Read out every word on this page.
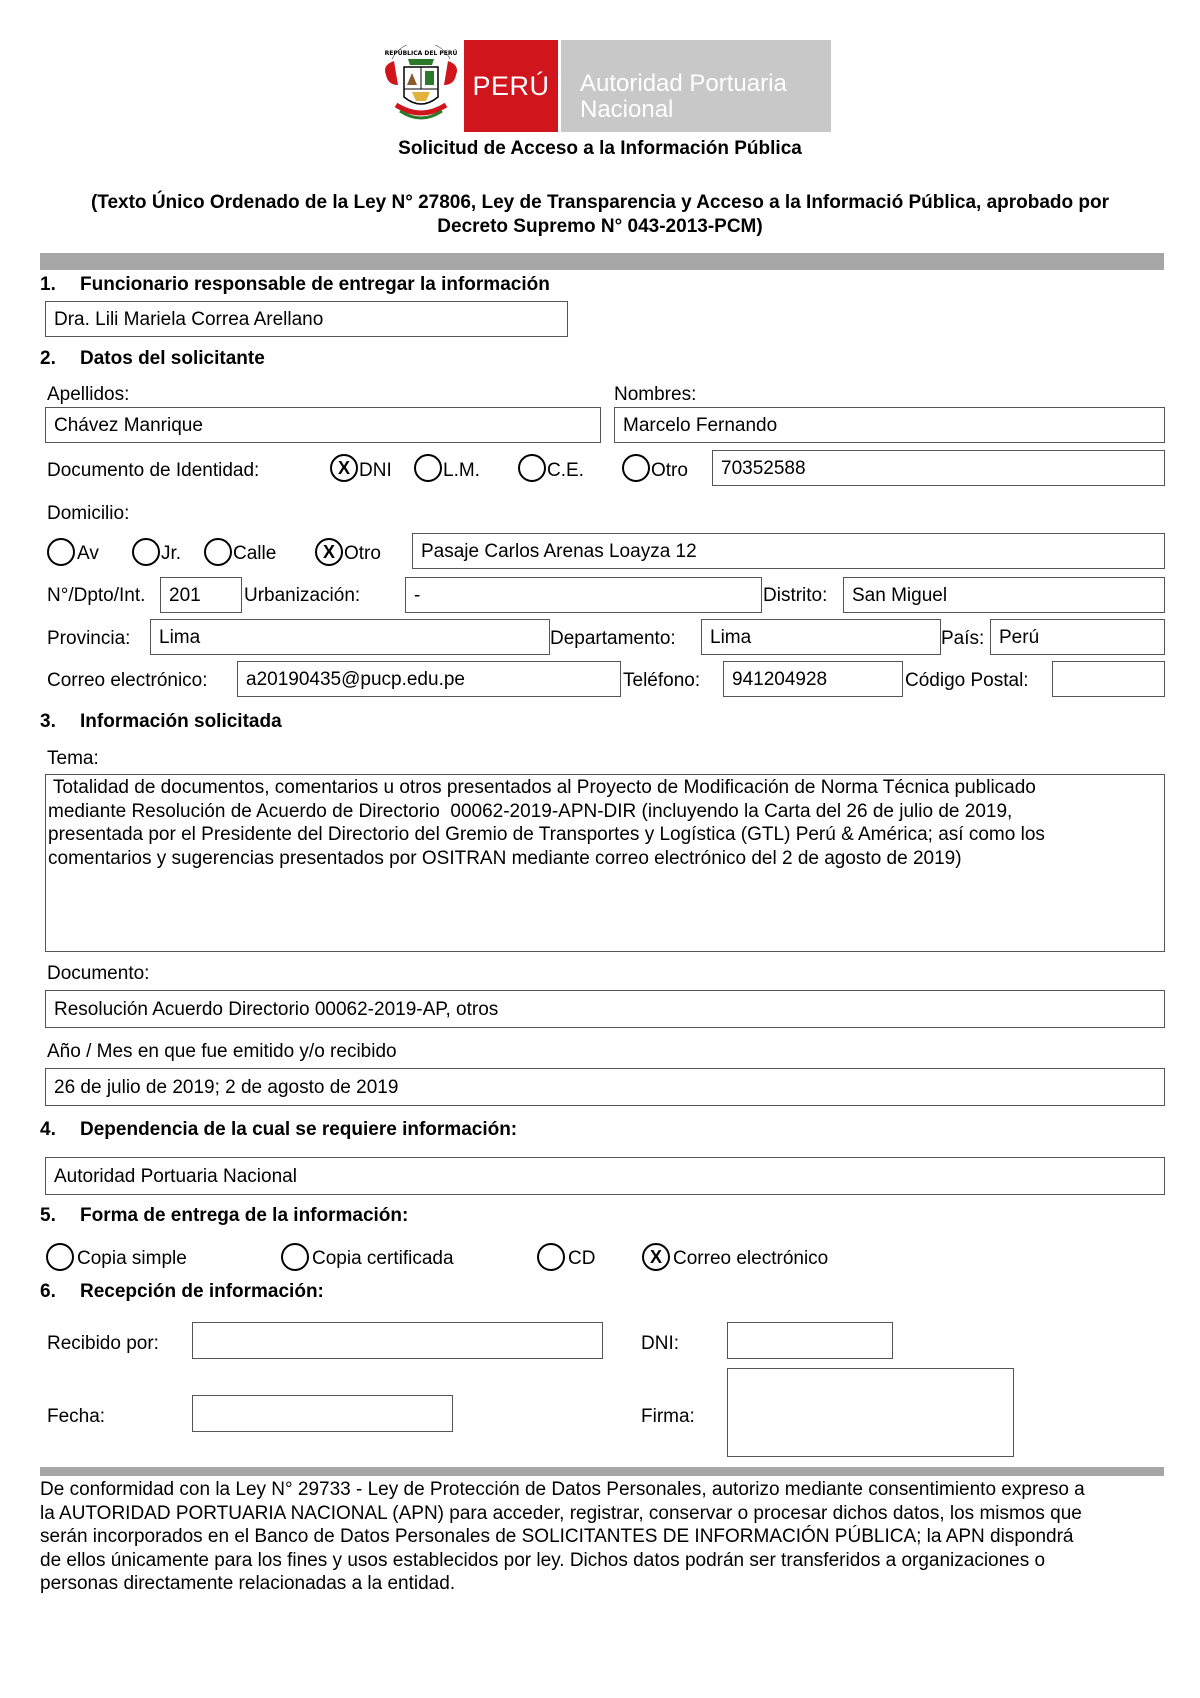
REPÚBLICA DEL PERÚ
PERÚ Autoridad Portuaria
Nacional
Solicitud de Acceso a la Información Pública
(Texto Único Ordenado de la Ley N° 27806, Ley de Transparencia y Acceso a la Informació Pública, aprobado por
Decreto Supremo N° 043-2013-PCM)
1. Funcionario responsable de entregar la información
Dra. Lili Mariela Correa Arellano
2. Datos del solicitante
Apellidos:	Nombres:
Chávez Manrique	Marcelo Fernando
Documento de Identidad:	X DNI	L.M.	C.E.	Otro	70352588
Domicilio:
Av	Jr.	Calle	X Otro	Pasaje Carlos Arenas Loayza 12
N°/Dpto/Int.	201	Urbanización:	-	Distrito:	San Miguel
Provincia:	Lima	Departamento:	Lima	País: Perú
Correo electrónico:	a20190435@pucp.edu.pe	Teléfono:	941204928	Código Postal:
3. Información solicitada
Tema:
Totalidad de documentos, comentarios u otros presentados al Proyecto de Modificación de Norma Técnica publicado
mediante Resolución de Acuerdo de Directorio  00062-2019-APN-DIR (incluyendo la Carta del 26 de julio de 2019,
presentada por el Presidente del Directorio del Gremio de Transportes y Logística (GTL) Perú & América; así como los
comentarios y sugerencias presentados por OSITRAN mediante correo electrónico del 2 de agosto de 2019)
Documento:
Resolución Acuerdo Directorio 00062-2019-AP, otros
Año / Mes en que fue emitido y/o recibido
26 de julio de 2019; 2 de agosto de 2019
4. Dependencia de la cual se requiere información:
Autoridad Portuaria Nacional
5. Forma de entrega de la información:
Copia simple	Copia certificada	CD	X Correo electrónico
6. Recepción de información:
Recibido por:	DNI:
Fecha:	Firma:
De conformidad con la Ley N° 29733 - Ley de Protección de Datos Personales, autorizo mediante consentimiento expreso a
la AUTORIDAD PORTUARIA NACIONAL (APN) para acceder, registrar, conservar o procesar dichos datos, los mismos que
serán incorporados en el Banco de Datos Personales de SOLICITANTES DE INFORMACIÓN PÚBLICA; la APN dispondrá
de ellos únicamente para los fines y usos establecidos por ley. Dichos datos podrán ser transferidos a organizaciones o
personas directamente relacionadas a la entidad.
